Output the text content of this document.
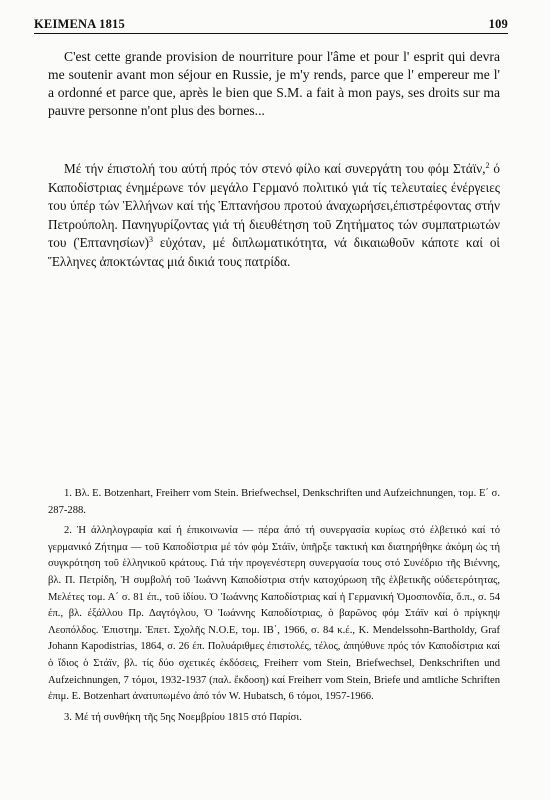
KEIMENA 1815	109

C'est cette grande provision de nourriture pour l'âme et pour l' esprit qui devra me soutenir avant mon séjour en Russie, je m'y rends, parce que l' empereur me l' a ordonné et parce que, après le bien que S.M. a fait à mon pays, ses droits sur ma pauvre personne n'ont plus des bornes...

Μέ τήν έπιστολή του αύτή πρός τόν στενό φίλο καί συνεργάτη του φόμ Στάϊν,$^2$ ό Καποδίστριας ένημέρωνε τόν μεγάλο Γερμανό πολιτικό γιά τίς τελευταίες ένέργειες του ύπέρ τών Ἑλλήνων καί τής Ἑπτανήσου προτού άναχωρήσει,έπιστρέφοντας στήν Πετρούπολη. Πανηγυρίζοντας γιά τή διευθέτηση τοῦ Ζητήματος τών συμπατριωτών του (Ἑπτανησίων)$^3$ εὐχόταν, μέ διπλωματικότητα, νά δικαιωθοῦν κάποτε καί οἱ Ἕλληνες ἀποκτώντας μιά δικιά τους πατρίδα.

1. Βλ. E. Botzenhart, Freiherr vom Stein. Briefwechsel, Denkschriften und Aufzeichnungen, τομ. Ε΄ σ. 287-288.

2. Ἡ άλληλογραφία καί ή έπικοινωνία — πέρα άπό τή συνεργασία κυρίως στό έλβετικό καί τό γερμανικό Ζήτημα — τοῦ Καποδίστρια μέ τόν φόμ Στάϊν, ὑπῆρξε τακτική και διατηρήθηκε ἀκόμη ὡς τή συγκρότηση τοῦ ἑλληνικοῦ κράτους. Γιά τήν προγενέστερη συνεργασία τους στό Συνέδριο τῆς Βιέννης, βλ. Π. Πετρίδη, Ἡ συμβολή τοῦ Ἰωάννη Καποδίστρια στήν κατοχύρωση τῆς ἑλβετικῆς οὐδετερότητας, Μελέτες τομ. Α΄ σ. 81 έπ., τοῦ ἰδίου. Ὁ Ἰωάννης Καποδίστριας καί ἡ Γερμανική Ὁμοσπονδία, ὅ.π., σ. 54 έπ., βλ. έξάλλου Πρ. Δαγτόγλου, Ὁ Ἰωάννης Καποδίστριας, ὁ βαρῶνος φόμ Στάϊν καί ὁ πρίγκηψ Λεοπόλδος. Ἐπιστημ. Ἐπετ. Σχολῆς Ν.Ο.Ε, τομ. ΙΒ΄, 1966, σ. 84 κ.έ., K. Mendelssohn-Bartholdy, Graf Johann Kapodistrias, 1864, σ. 26 έπ. Πολυάριθμες ἐπιστολές, τέλος, ἀπηύθυνε πρός τόν Καποδίστρια καί ὁ ἴδιος ὁ Στάϊν, βλ. τίς δύο σχετικές ἐκδόσεις, Freiherr vom Stein, Briefwechsel, Denkschriften und Aufzeichnungen, 7 τόμοι, 1932-1937 (παλ. ἔκδοση) καί Freiherr vom Stein, Briefe und amtliche Schriften ἐπιμ. E. Botzenhart ἀνατυπωμένο ἀπό τόν W. Hubatsch, 6 τόμοι, 1957-1966.

3. Μέ τή συνθήκη τῆς 5ης Νοεμβρίου 1815 στό Παρίσι.
